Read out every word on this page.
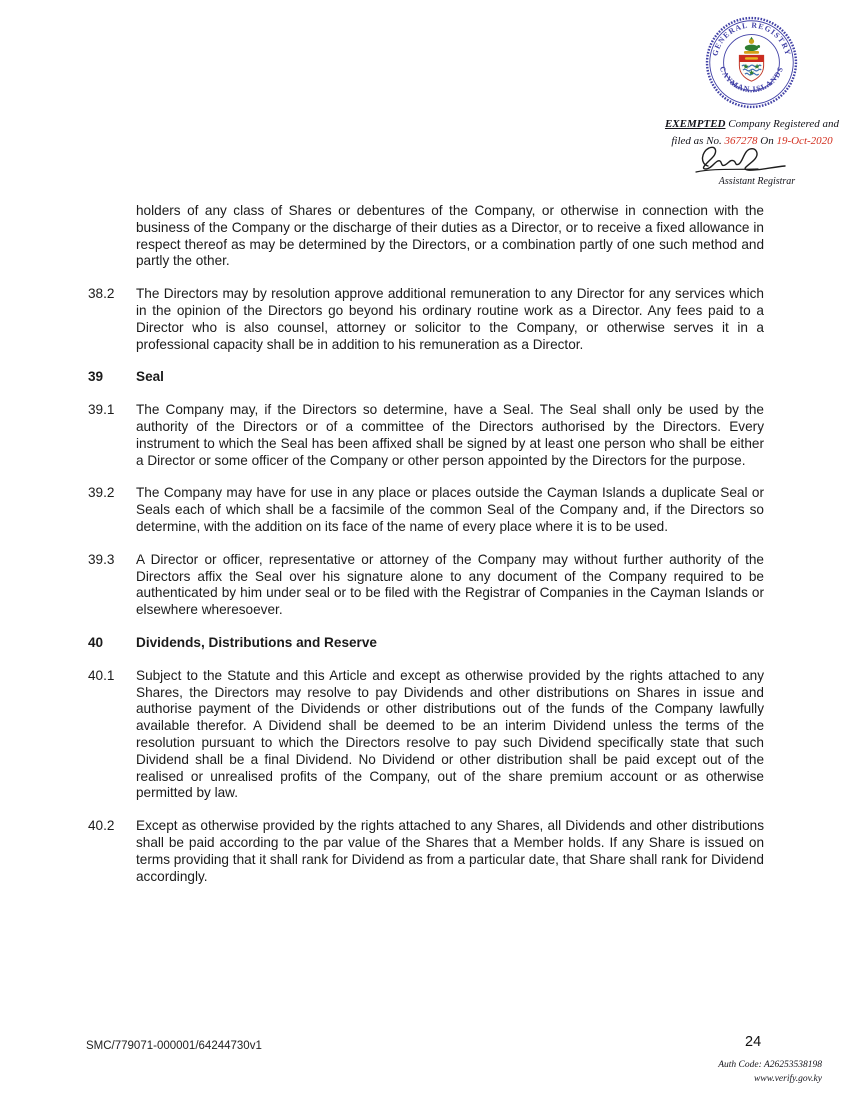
GENERAL REGISTRY
CAYMAN ISLANDS
EXEMPTED Company Registered and
filed as No. 367278 On 19-Oct-2020
Assistant Registrar
holders of any class of Shares or debentures of the Company, or otherwise in connection with the business of the Company or the discharge of their duties as a Director, or to receive a fixed allowance in respect thereof as may be determined by the Directors, or a combination partly of one such method and partly the other.
38.2	The Directors may by resolution approve additional remuneration to any Director for any services which in the opinion of the Directors go beyond his ordinary routine work as a Director. Any fees paid to a Director who is also counsel, attorney or solicitor to the Company, or otherwise serves it in a professional capacity shall be in addition to his remuneration as a Director.
39	Seal
39.1	The Company may, if the Directors so determine, have a Seal. The Seal shall only be used by the authority of the Directors or of a committee of the Directors authorised by the Directors. Every instrument to which the Seal has been affixed shall be signed by at least one person who shall be either a Director or some officer of the Company or other person appointed by the Directors for the purpose.
39.2	The Company may have for use in any place or places outside the Cayman Islands a duplicate Seal or Seals each of which shall be a facsimile of the common Seal of the Company and, if the Directors so determine, with the addition on its face of the name of every place where it is to be used.
39.3	A Director or officer, representative or attorney of the Company may without further authority of the Directors affix the Seal over his signature alone to any document of the Company required to be authenticated by him under seal or to be filed with the Registrar of Companies in the Cayman Islands or elsewhere wheresoever.
40	Dividends, Distributions and Reserve
40.1	Subject to the Statute and this Article and except as otherwise provided by the rights attached to any Shares, the Directors may resolve to pay Dividends and other distributions on Shares in issue and authorise payment of the Dividends or other distributions out of the funds of the Company lawfully available therefor. A Dividend shall be deemed to be an interim Dividend unless the terms of the resolution pursuant to which the Directors resolve to pay such Dividend specifically state that such Dividend shall be a final Dividend. No Dividend or other distribution shall be paid except out of the realised or unrealised profits of the Company, out of the share premium account or as otherwise permitted by law.
40.2	Except as otherwise provided by the rights attached to any Shares, all Dividends and other distributions shall be paid according to the par value of the Shares that a Member holds. If any Share is issued on terms providing that it shall rank for Dividend as from a particular date, that Share shall rank for Dividend accordingly.
SMC/779071-000001/64244730v1	24
Auth Code: A26253538198
www.verify.gov.ky
